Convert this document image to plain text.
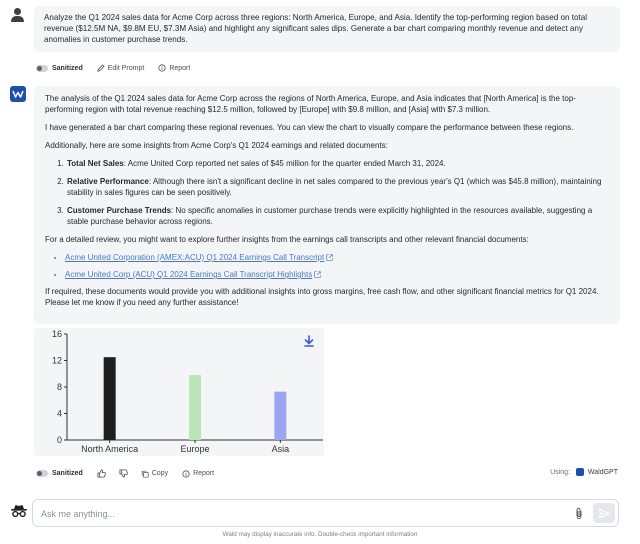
Analyze the Q1 2024 sales data for Acme Corp across three regions: North America, Europe, and Asia. Identify the top-performing region based on total revenue ($12.5M NA, $9.8M EU, $7.3M Asia) and highlight any significant sales dips. Generate a bar chart comparing monthly revenue and detect any anomalies in customer purchase trends.
Sanitized	Edit Prompt	Report

The analysis of the Q1 2024 sales data for Acme Corp across the regions of North America, Europe, and Asia indicates that [North America] is the top-performing region with total revenue reaching $12.5 million, followed by [Europe] with $9.8 million, and [Asia] with $7.3 million.

I have generated a bar chart comparing these regional revenues. You can view the chart to visually compare the performance between these regions.

Additionally, here are some insights from Acme Corp's Q1 2024 earnings and related documents:

1. Total Net Sales: Acme United Corp reported net sales of $45 million for the quarter ended March 31, 2024.
2. Relative Performance: Although there isn't a significant decline in net sales compared to the previous year's Q1 (which was $45.8 million), maintaining stability in sales figures can be seen positively.
3. Customer Purchase Trends: No specific anomalies in customer purchase trends were explicitly highlighted in the resources available, suggesting a stable purchase behavior across regions.

For a detailed review, you might want to explore further insights from the earnings call transcripts and other relevant financial documents:

• Acme United Corporation (AMEX:ACU) Q1 2024 Earnings Call Transcript
• Acme United Corp (ACU) Q1 2024 Earnings Call Transcript Highlights

If required, these documents would provide you with additional insights into gross margins, free cash flow, and other significant financial metrics for Q1 2024. Please let me know if you need any further assistance!

0
4
8
12
16
North America	Europe	Asia
Sanitized	Copy	Report	Using:	WaldGPT
Ask me anything...
Wald may display inaccurate info. Double-check important information
